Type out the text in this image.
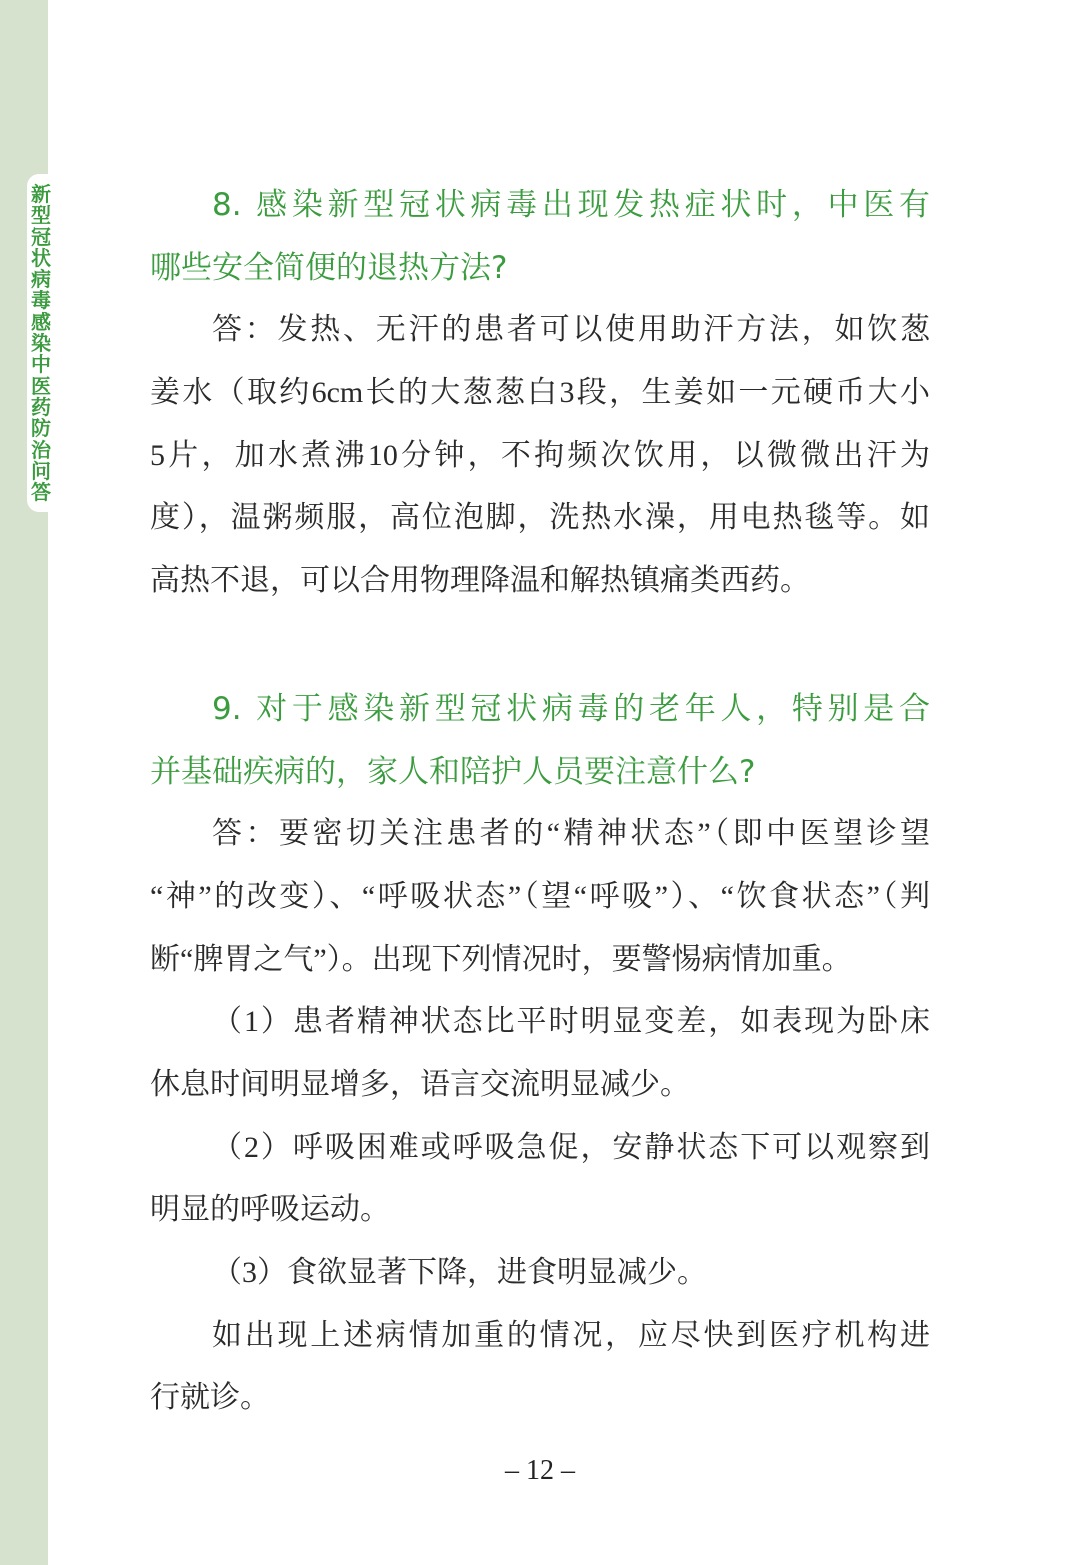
新型冠状病毒感染中医药防治问答
8. 感染新型冠状病毒出现发热症状时，中医有
哪些安全简便的退热方法?
答：发热、无汗的患者可以使用助汗方法，如饮葱
姜水（取约6cm长的大葱葱白3段，生姜如一元硬币大小
5片，加水煮沸10分钟，不拘频次饮用，以微微出汗为
度），温粥频服，高位泡脚，洗热水澡，用电热毯等。如
高热不退，可以合用物理降温和解热镇痛类西药。
9. 对于感染新型冠状病毒的老年人，特别是合
并基础疾病的，家人和陪护人员要注意什么?
答：要密切关注患者的“精神状态”（即中医望诊望
“神”的改变）、“呼吸状态”（望“呼吸”）、“饮食状态”（判
断“脾胃之气”）。出现下列情况时，要警惕病情加重。
（1）患者精神状态比平时明显变差，如表现为卧床
休息时间明显增多，语言交流明显减少。
（2）呼吸困难或呼吸急促，安静状态下可以观察到
明显的呼吸运动。
（3）食欲显著下降，进食明显减少。
如出现上述病情加重的情况，应尽快到医疗机构进
行就诊。
– 12 –
